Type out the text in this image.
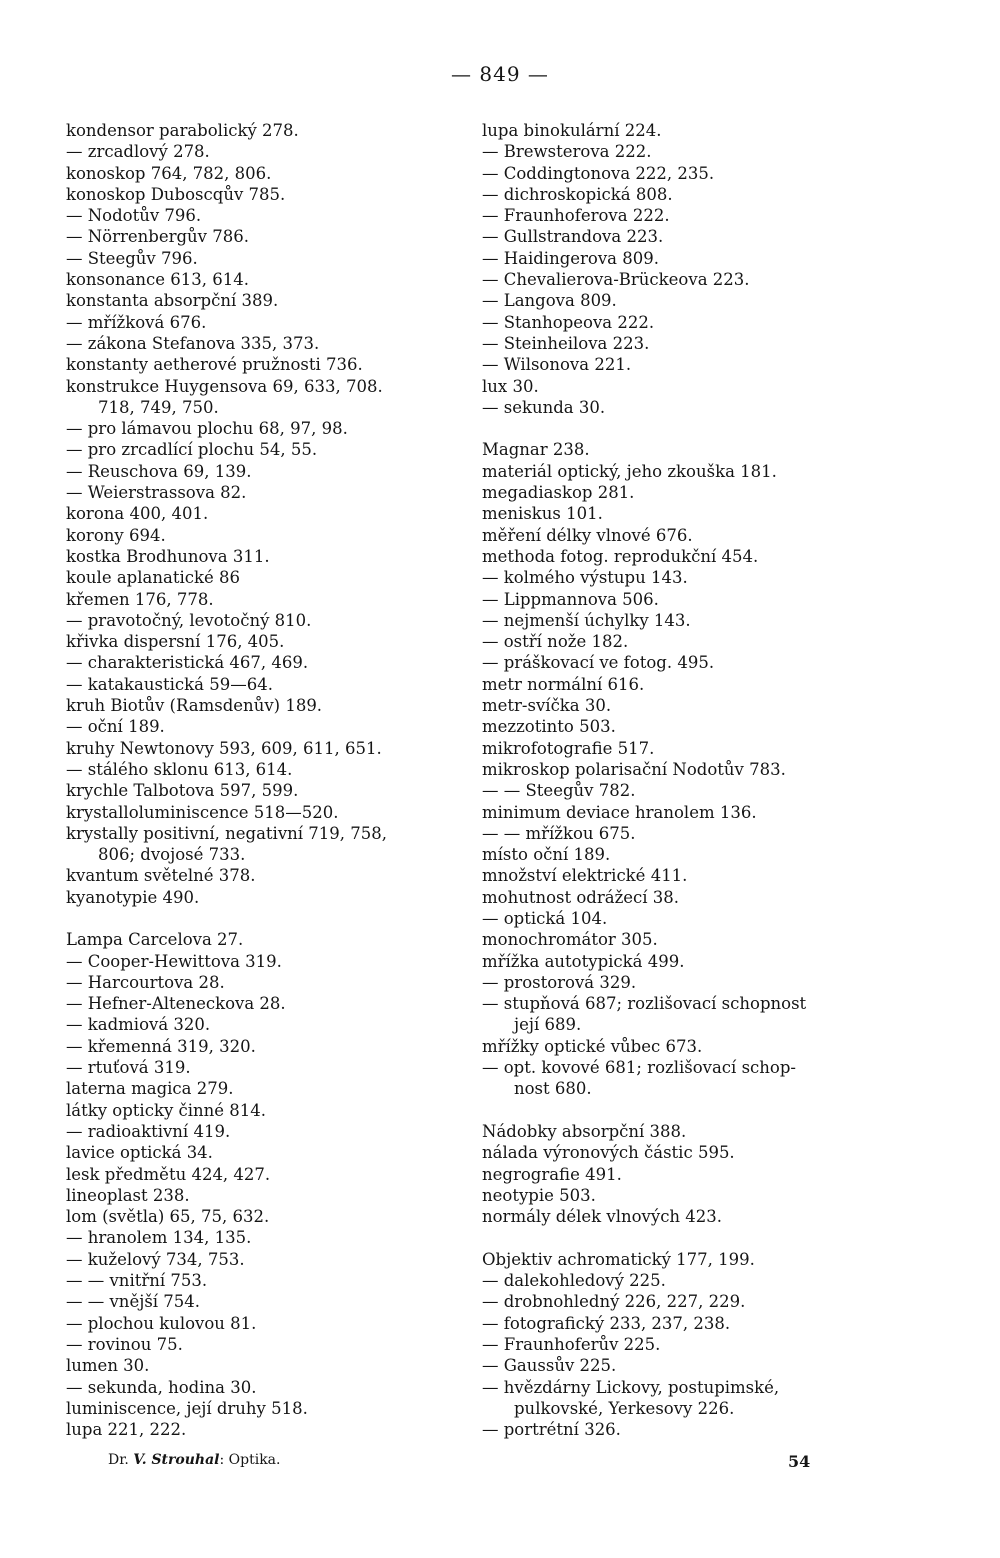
— 849 —
kondensor parabolický 278.
— zrcadlový 278.
konoskop 764, 782, 806.
konoskop Duboscqův 785.
— Nodotův 796.
— Nörrenbergův 786.
— Steegův 796.
konsonance 613, 614.
konstanta absorpční 389.
— mřížková 676.
— zákona Stefanova 335, 373.
konstanty aetherové pružnosti 736.
konstrukce Huygensova 69, 633, 708.
718, 749, 750.
— pro lámavou plochu 68, 97, 98.
— pro zrcadlící plochu 54, 55.
— Reuschova 69, 139.
— Weierstrassova 82.
korona 400, 401.
korony 694.
kostka Brodhunova 311.
koule aplanatické 86
křemen 176, 778.
— pravotočný, levotočný 810.
křivka dispersní 176, 405.
— charakteristická 467, 469.
— katakaustická 59—64.
kruh Biotův (Ramsdenův) 189.
— oční 189.
kruhy Newtonovy 593, 609, 611, 651.
— stálého sklonu 613, 614.
krychle Talbotova 597, 599.
krystalloluminiscence 518—520.
krystally positivní, negativní 719, 758,
806; dvojosé 733.
kvantum světelné 378.
kyanotypie 490.
Lampa Carcelova 27.
— Cooper-Hewittova 319.
— Harcourtova 28.
— Hefner-Alteneckova 28.
— kadmiová 320.
— křemenná 319, 320.
— rtuťová 319.
laterna magica 279.
látky opticky činné 814.
— radioaktivní 419.
lavice optická 34.
lesk předmětu 424, 427.
lineoplast 238.
lom (světla) 65, 75, 632.
— hranolem 134, 135.
— kuželový 734, 753.
— — vnitřní 753.
— — vnější 754.
— plochou kulovou 81.
— rovinou 75.
lumen 30.
— sekunda, hodina 30.
luminiscence, její druhy 518.
lupa 221, 222.
lupa binokulární 224.
— Brewsterova 222.
— Coddingtonova 222, 235.
— dichroskopická 808.
— Fraunhoferova 222.
— Gullstrandova 223.
— Haidingerova 809.
— Chevalierova-Brückeova 223.
— Langova 809.
— Stanhopeova 222.
— Steinheilova 223.
— Wilsonova 221.
lux 30.
— sekunda 30.
Magnar 238.
materiál optický, jeho zkouška 181.
megadiaskop 281.
meniskus 101.
měření délky vlnové 676.
methoda fotog. reprodukční 454.
— kolmého výstupu 143.
— Lippmannova 506.
— nejmenší úchylky 143.
— ostří nože 182.
— práškovací ve fotog. 495.
metr normální 616.
metr-svíčka 30.
mezzotinto 503.
mikrofotografie 517.
mikroskop polarisační Nodotův 783.
— — Steegův 782.
minimum deviace hranolem 136.
— — mřížkou 675.
místo oční 189.
množství elektrické 411.
mohutnost odrážecí 38.
— optická 104.
monochromátor 305.
mřížka autotypická 499.
— prostorová 329.
— stupňová 687; rozlišovací schopnost
její 689.
mřížky optické vůbec 673.
— opt. kovové 681; rozlišovací schop-
nost 680.
Nádobky absorpční 388.
nálada výronových částic 595.
negrografie 491.
neotypie 503.
normály délek vlnových 423.
Objektiv achromatický 177, 199.
— dalekohledový 225.
— drobnohledný 226, 227, 229.
— fotografický 233, 237, 238.
— Fraunhoferův 225.
— Gaussův 225.
— hvězdárny Lickovy, postupimské,
pulkovské, Yerkesovy 226.
— portrétní 326.
Dr. V. Strouhal: Optika.	54
